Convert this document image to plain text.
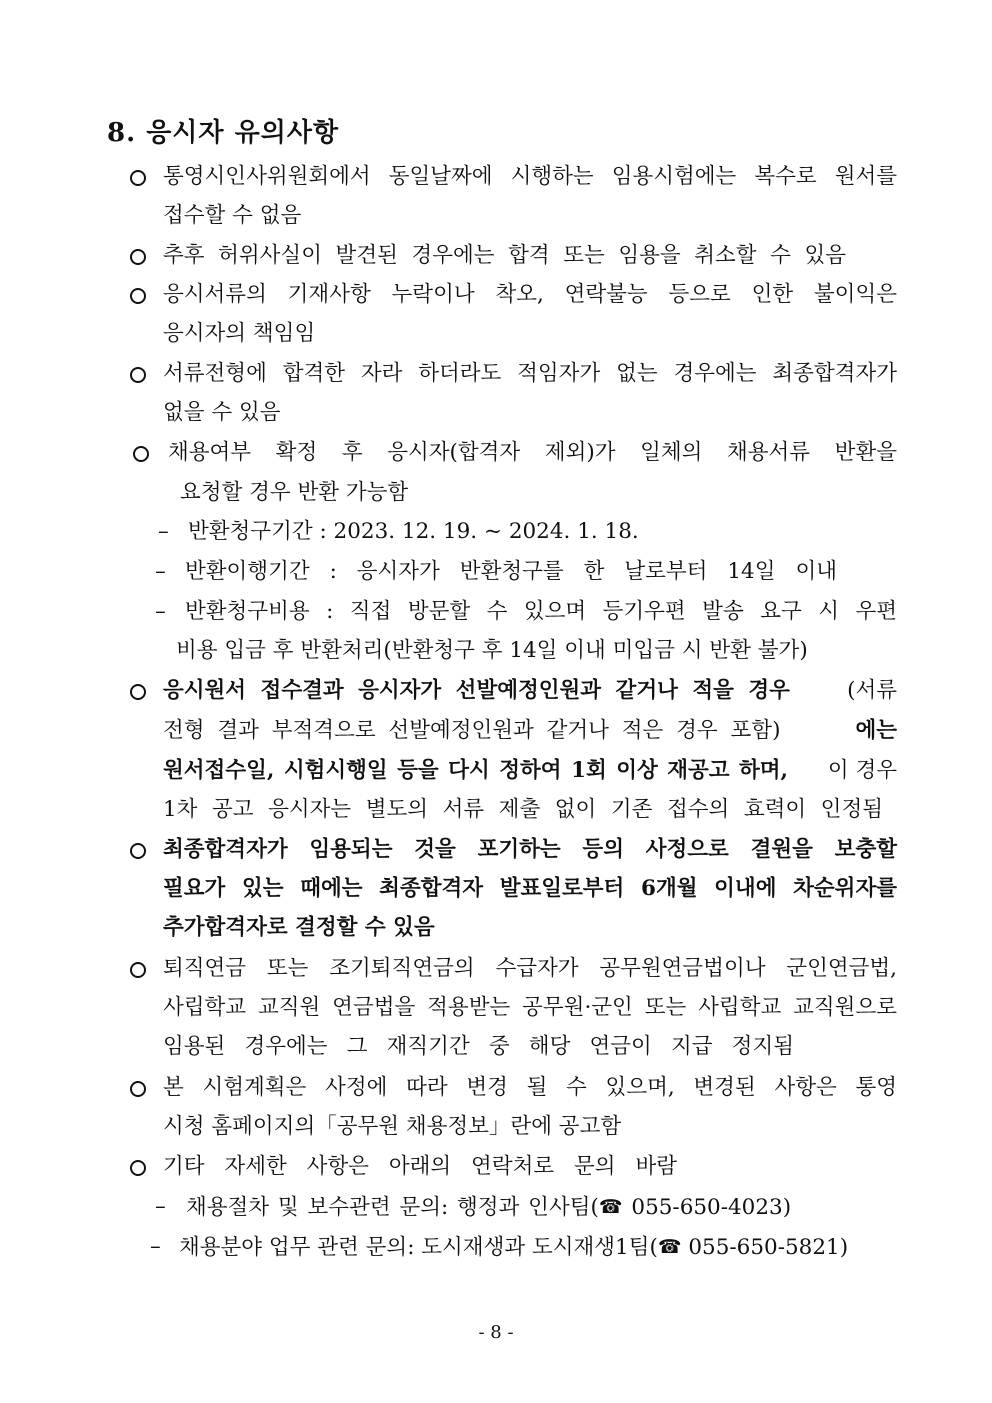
8. 응시자 유의사항
통영시인사위원회에서 동일날짜에 시행하는 임용시험에는 복수로 원서를
접수할 수 없음
추후 허위사실이 발견된 경우에는 합격 또는 임용을 취소할 수 있음
응시서류의 기재사항 누락이나 착오, 연락불능 등으로 인한 불이익은
응시자의 책임임
서류전형에 합격한 자라 하더라도 적임자가 없는 경우에는 최종합격자가
없을 수 있음
채용여부 확정 후 응시자(합격자 제외)가 일체의 채용서류 반환을
요청할 경우 반환 가능함
– 반환청구기간 : 2023. 12. 19. ~ 2024. 1. 18.
– 반환이행기간 : 응시자가 반환청구를 한 날로부터 14일 이내
– 반환청구비용 : 직접 방문할 수 있으며 등기우편 발송 요구 시 우편
비용 입금 후 반환처리(반환청구 후 14일 이내 미입금 시 반환 불가)
응시원서 접수결과 응시자가 선발예정인원과 같거나 적을 경우	(서류
전형 결과 부적격으로 선발예정인원과 같거나 적은 경우 포함)	에는
원서접수일, 시험시행일 등을 다시 정하여 1회 이상 재공고 하며, 이 경우
1차 공고 응시자는 별도의 서류 제출 없이 기존 접수의 효력이 인정됨
최종합격자가 임용되는 것을 포기하는 등의 사정으로 결원을 보충할
필요가 있는 때에는 최종합격자 발표일로부터 6개월 이내에 차순위자를
추가합격자로 결정할 수 있음
퇴직연금 또는 조기퇴직연금의 수급자가 공무원연금법이나 군인연금법,
사립학교 교직원 연금법을 적용받는 공무원·군인 또는 사립학교 교직원으로
임용된 경우에는 그 재직기간 중 해당 연금이 지급 정지됨
본 시험계획은 사정에 따라 변경 될 수 있으며, 변경된 사항은 통영
시청 홈페이지의「공무원 채용정보」란에 공고함
기타 자세한 사항은 아래의 연락처로 문의 바람
– 채용절차 및 보수관련 문의: 행정과 인사팀(☎ 055-650-4023)
– 채용분야 업무 관련 문의: 도시재생과 도시재생1팀(☎ 055-650-5821)
- 8 -
